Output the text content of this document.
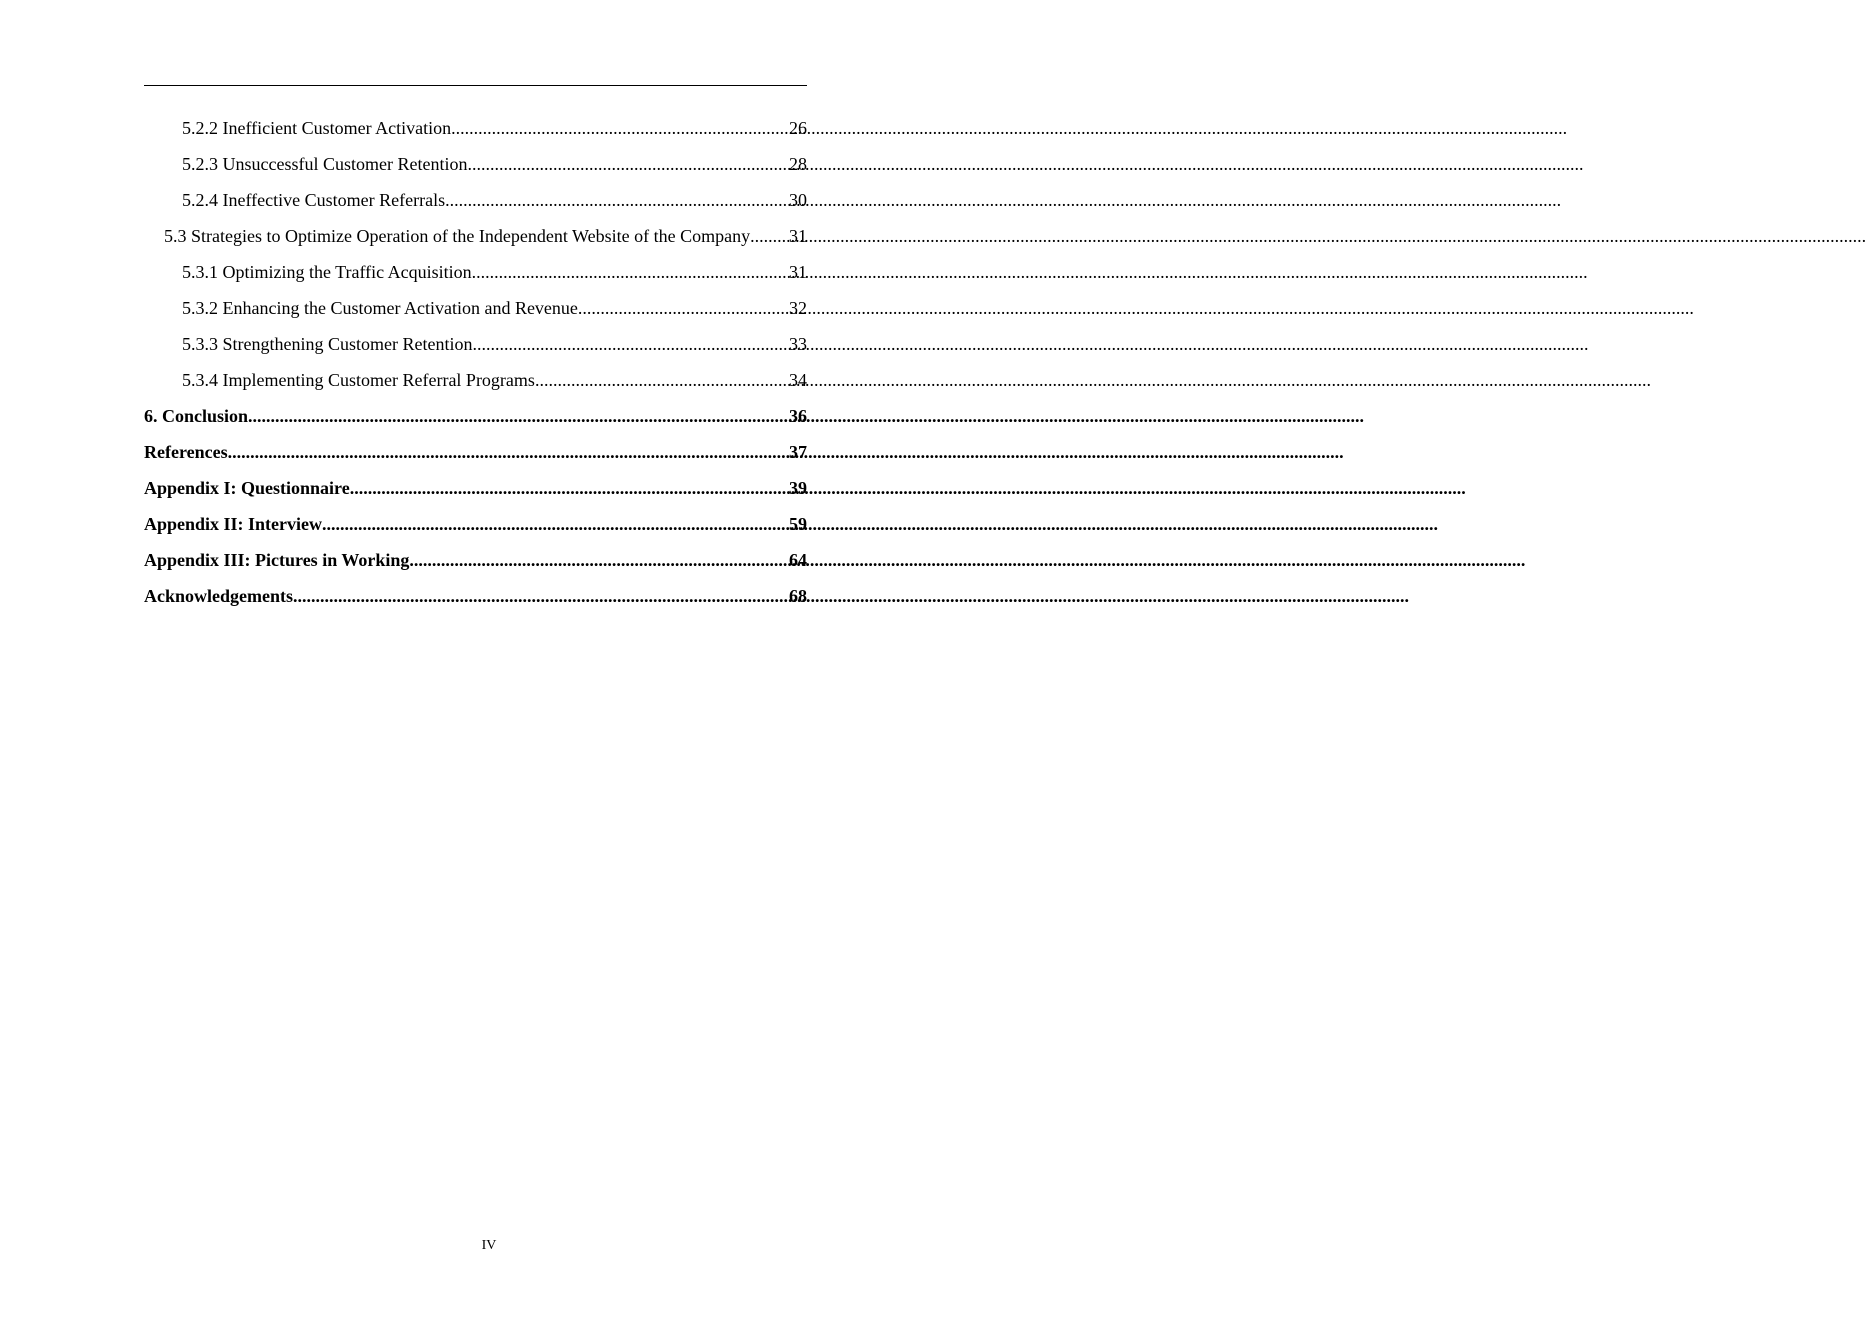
5.2.2 Inefficient Customer Activation .....	26
5.2.3 Unsuccessful Customer Retention .....	28
5.2.4 Ineffective Customer Referrals .....	30
5.3 Strategies to Optimize Operation of the Independent Website of the Company ..... 31
5.3.1 Optimizing the Traffic Acquisition .....	31
5.3.2 Enhancing the Customer Activation and Revenue .....	32
5.3.3 Strengthening Customer Retention .....	33
5.3.4 Implementing Customer Referral Programs .....	34
6. Conclusion .....	36
References .....	37
Appendix I: Questionnaire .....	39
Appendix II: Interview .....	59
Appendix III: Pictures in Working .....	64
Acknowledgements .....	68
IV
